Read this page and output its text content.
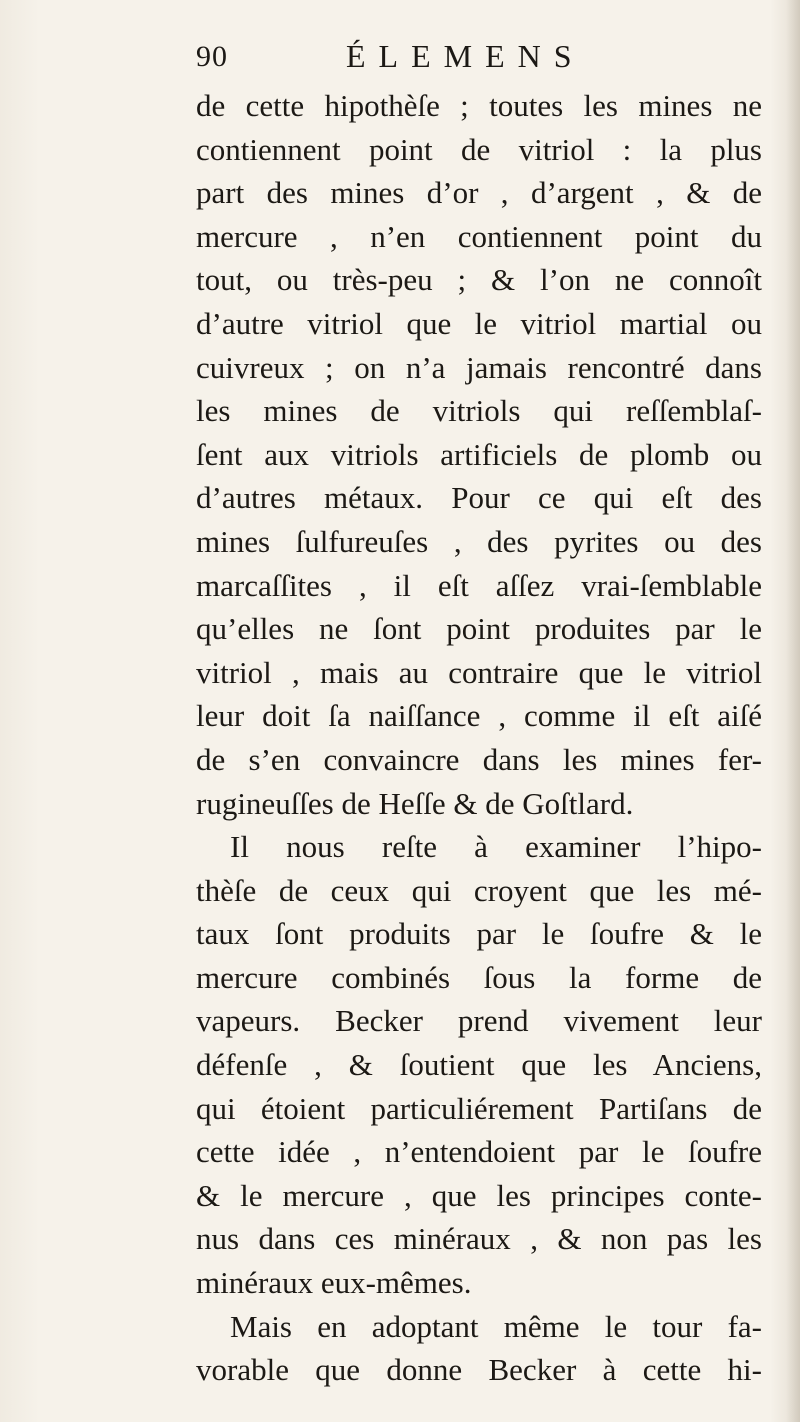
90	ÉLEMENS
de cette hipothèſe ; toutes les mines ne
contiennent point de vitriol : la plus
part des mines d’or , d’argent , & de
mercure , n’en contiennent point du
tout, ou très-peu ; & l’on ne connoît
d’autre vitriol que le vitriol martial ou
cuivreux ; on n’a jamais rencontré dans
les mines de vitriols qui reſſemblaſ-
ſent aux vitriols artificiels de plomb ou
d’autres métaux. Pour ce qui eſt des
mines ſulfureuſes , des pyrites ou des
marcaſſites , il eſt aſſez vrai-ſemblable
qu’elles ne ſont point produites par le
vitriol , mais au contraire que le vitriol
leur doit ſa naiſſance , comme il eſt aiſé
de s’en convaincre dans les mines fer-
rugineuſſes de Heſſe & de Goſtlard.
Il nous reſte à examiner l’hipo-
thèſe de ceux qui croyent que les mé-
taux ſont produits par le ſoufre & le
mercure combinés ſous la forme de
vapeurs. Becker prend vivement leur
défenſe , & ſoutient que les Anciens,
qui étoient particuliérement Partiſans de
cette idée , n’entendoient par le ſoufre
& le mercure , que les principes conte-
nus dans ces minéraux , & non pas les
minéraux eux-mêmes.
Mais en adoptant même le tour fa-
vorable que donne Becker à cette hi-
